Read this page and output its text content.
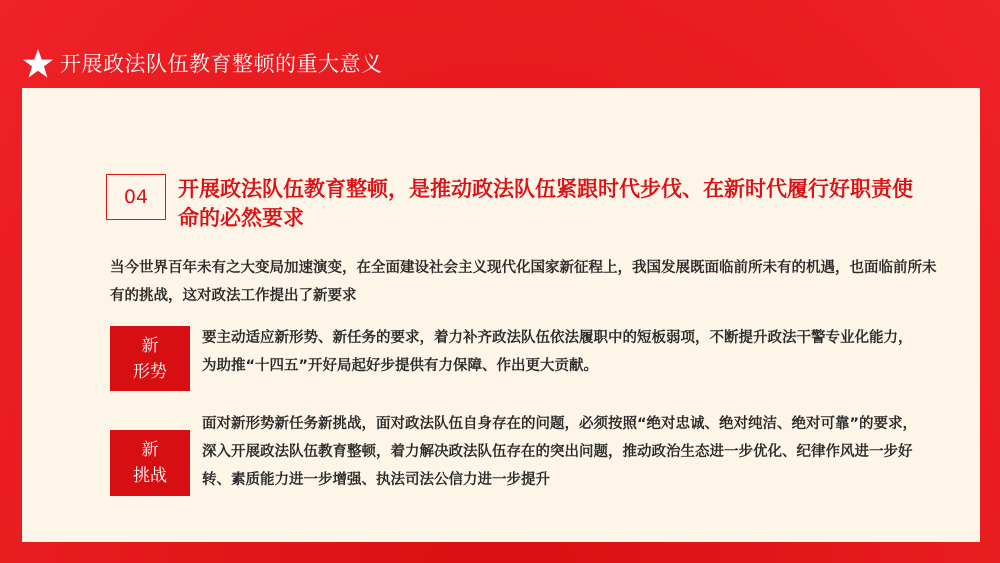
开展政法队伍教育整顿的重大意义
04	开展政法队伍教育整顿，是推动政法队伍紧跟时代步伐、在新时代履行好职责使命的必然要求
当今世界百年未有之大变局加速演变，在全面建设社会主义现代化国家新征程上，我国发展既面临前所未有的机遇，也面临前所未有的挑战，这对政法工作提出了新要求
新
形势
要主动适应新形势、新任务的要求，着力补齐政法队伍依法履职中的短板弱项，不断提升政法干警专业化能力，为助推“十四五”开好局起好步提供有力保障、作出更大贡献。
新
挑战
面对新形势新任务新挑战，面对政法队伍自身存在的问题，必须按照“绝对忠诚、绝对纯洁、绝对可靠”的要求，深入开展政法队伍教育整顿，着力解决政法队伍存在的突出问题，推动政治生态进一步优化、纪律作风进一步好转、素质能力进一步增强、执法司法公信力进一步提升
